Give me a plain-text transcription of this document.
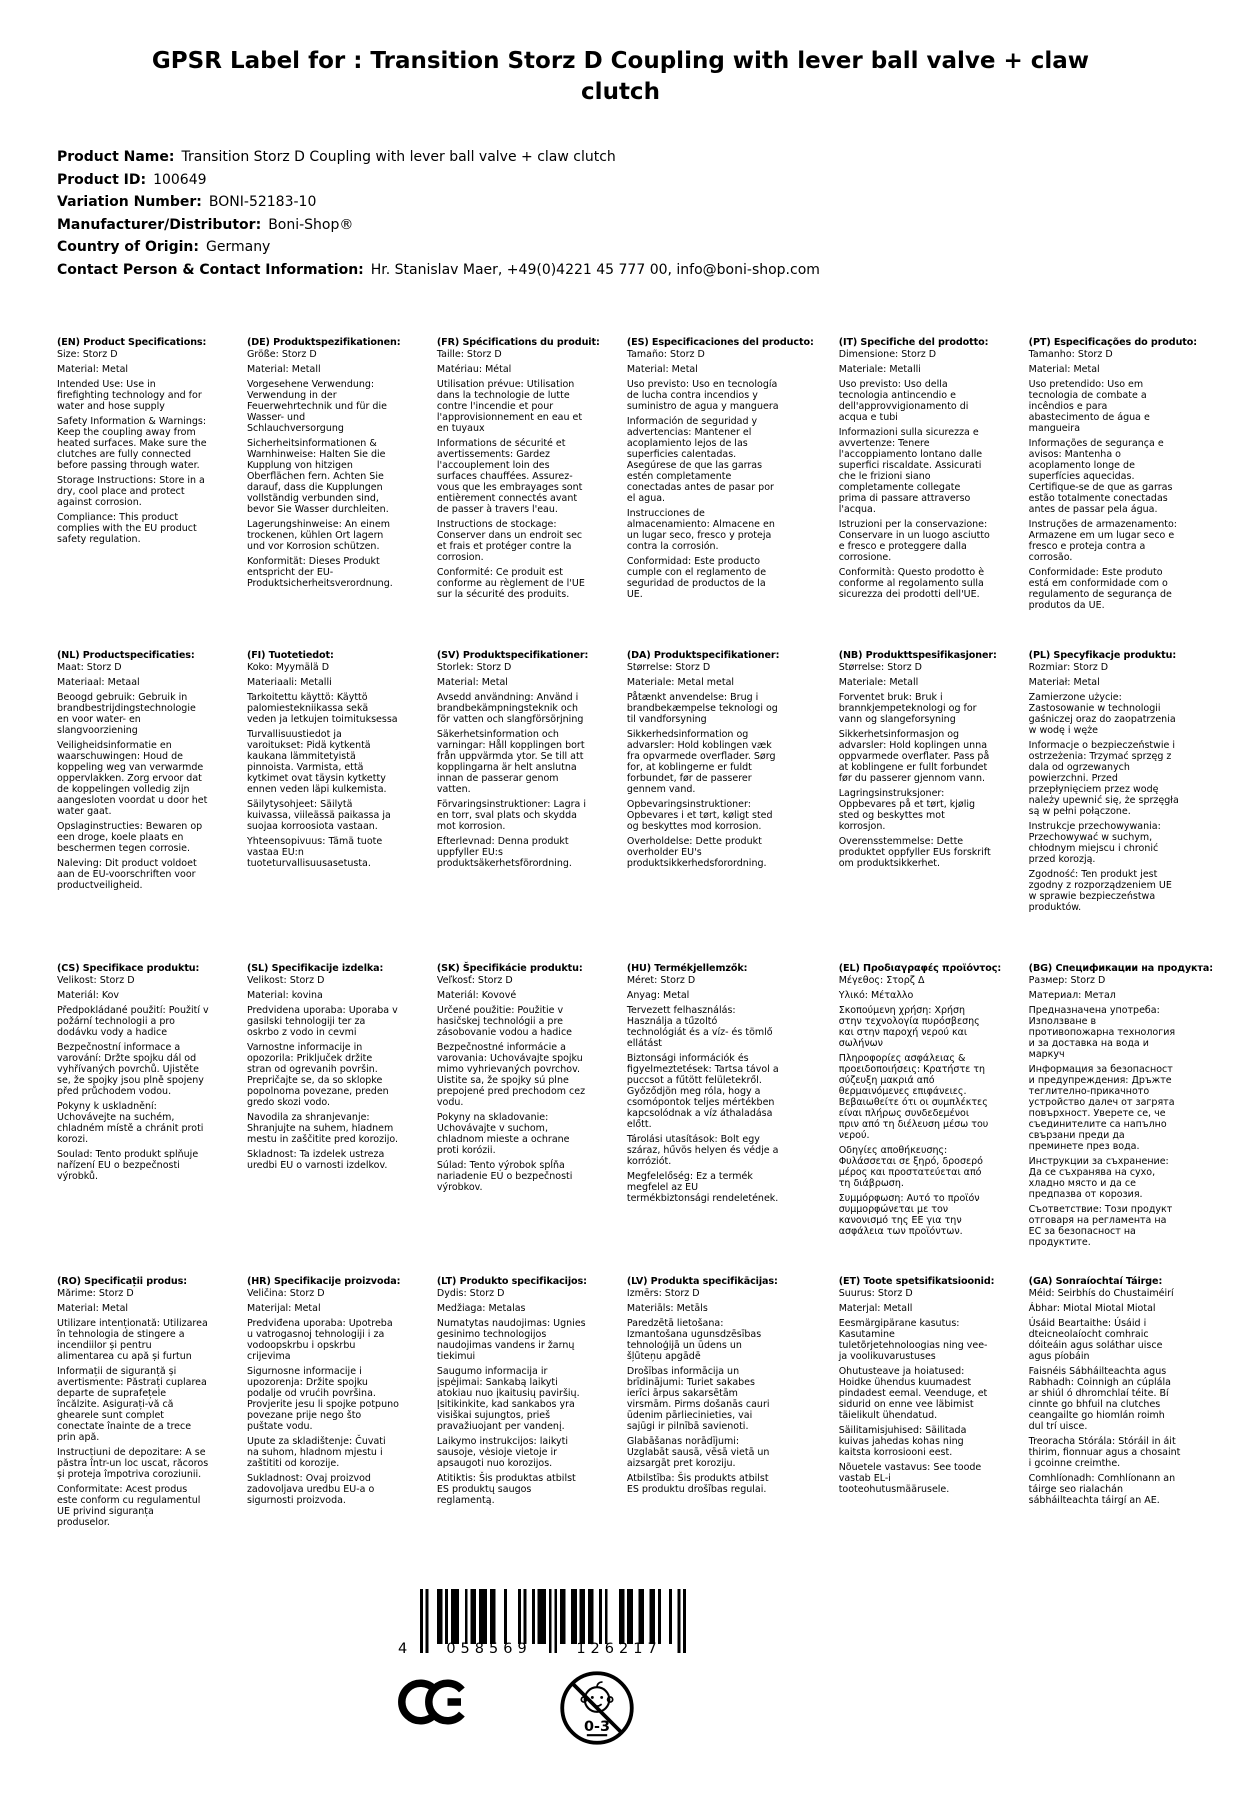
GPSR Label for : Transition Storz D Coupling with lever ball valve + claw clutch
Product Name: Transition Storz D Coupling with lever ball valve + claw clutch
Product ID: 100649
Variation Number: BONI-52183-10
Manufacturer/Distributor: Boni-Shop®
Country of Origin: Germany
Contact Person & Contact Information: Hr. Stanislav Maer, +49(0)4221 45 777 00, info@boni-shop.com
(EN) Product Specifications:

Size: Storz D

Material: Metal

Intended Use: Use in firefighting technology and for water and hose supply

Safety Information & Warnings: Keep the coupling away from heated surfaces. Make sure the clutches are fully connected before passing through water.

Storage Instructions: Store in a dry, cool place and protect against corrosion.

Compliance: This product complies with the EU product safety regulation.

(DE) Produktspezifikationen:

Größe: Storz D

Material: Metall

Vorgesehene Verwendung: Verwendung in der Feuerwehrtechnik und für die Wasser- und Schlauchversorgung

Sicherheitsinformationen & Warnhinweise: Halten Sie die Kupplung von hitzigen Oberflächen fern. Achten Sie darauf, dass die Kupplungen vollständig verbunden sind, bevor Sie Wasser durchleiten.

Lagerungshinweise: An einem trockenen, kühlen Ort lagern und vor Korrosion schützen.

Konformität: Dieses Produkt entspricht der EU-Produktsicherheitsverordnung.

(FR) Spécifications du produit:

Taille: Storz D

Matériau: Métal

Utilisation prévue: Utilisation dans la technologie de lutte contre l'incendie et pour l'approvisionnement en eau et en tuyaux

Informations de sécurité et avertissements: Gardez l'accouplement loin des surfaces chauffées. Assurez-vous que les embrayages sont entièrement connectés avant de passer à travers l'eau.

Instructions de stockage: Conserver dans un endroit sec et frais et protéger contre la corrosion.

Conformité: Ce produit est conforme au règlement de l'UE sur la sécurité des produits.

(ES) Especificaciones del producto:

Tamaño: Storz D

Material: Metal

Uso previsto: Uso en tecnología de lucha contra incendios y suministro de agua y manguera

Información de seguridad y advertencias: Mantener el acoplamiento lejos de las superficies calentadas. Asegúrese de que las garras estén completamente conectadas antes de pasar por el agua.

Instrucciones de almacenamiento: Almacene en un lugar seco, fresco y proteja contra la corrosión.

Conformidad: Este producto cumple con el reglamento de seguridad de productos de la UE.

(IT) Specifiche del prodotto:

Dimensione: Storz D

Materiale: Metalli

Uso previsto: Uso della tecnologia antincendio e dell'approvvigionamento di acqua e tubi

Informazioni sulla sicurezza e avvertenze: Tenere l'accoppiamento lontano dalle superfici riscaldate. Assicurati che le frizioni siano completamente collegate prima di passare attraverso l'acqua.

Istruzioni per la conservazione: Conservare in un luogo asciutto e fresco e proteggere dalla corrosione.

Conformità: Questo prodotto è conforme al regolamento sulla sicurezza dei prodotti dell'UE.

(PT) Especificações do produto:

Tamanho: Storz D

Material: Metal

Uso pretendido: Uso em tecnologia de combate a incêndios e para abastecimento de água e mangueira

Informações de segurança e avisos: Mantenha o acoplamento longe de superfícies aquecidas. Certifique-se de que as garras estão totalmente conectadas antes de passar pela água.

Instruções de armazenamento: Armazene em um lugar seco e fresco e proteja contra a corrosão.

Conformidade: Este produto está em conformidade com o regulamento de segurança de produtos da UE.

(NL) Productspecificaties:

Maat: Storz D

Materiaal: Metaal

Beoogd gebruik: Gebruik in brandbestrijdingstechnologie en voor water- en slangvoorziening

Veiligheidsinformatie en waarschuwingen: Houd de koppeling weg van verwarmde oppervlakken. Zorg ervoor dat de koppelingen volledig zijn aangesloten voordat u door het water gaat.

Opslaginstructies: Bewaren op een droge, koele plaats en beschermen tegen corrosie.

Naleving: Dit product voldoet aan de EU-voorschriften voor productveiligheid.

(FI) Tuotetiedot:

Koko: Myymälä D

Materiaali: Metalli

Tarkoitettu käyttö: Käyttö palomiestekniikassa sekä veden ja letkujen toimituksessa

Turvallisuustiedot ja varoitukset: Pidä kytkentä kaukana lämmitetyistä pinnoista. Varmista, että kytkimet ovat täysin kytketty ennen veden läpi kulkemista.

Säilytysohjeet: Säilytä kuivassa, viileässä paikassa ja suojaa korroosiota vastaan.

Yhteensopivuus: Tämä tuote vastaa EU:n tuoteturvallisuusasetusta.

(SV) Produktspecifikationer:

Storlek: Storz D

Material: Metal

Avsedd användning: Använd i brandbekämpningsteknik och för vatten och slangförsörjning

Säkerhetsinformation och varningar: Håll kopplingen bort från uppvärmda ytor. Se till att kopplingarna är helt anslutna innan de passerar genom vatten.

Förvaringsinstruktioner: Lagra i en torr, sval plats och skydda mot korrosion.

Efterlevnad: Denna produkt uppfyller EU:s produktsäkerhetsförordning.

(DA) Produktspecifikationer:

Størrelse: Storz D

Materiale: Metal metal

Påtænkt anvendelse: Brug i brandbekæmpelse teknologi og til vandforsyning

Sikkerhedsinformation og advarsler: Hold koblingen væk fra opvarmede overflader. Sørg for, at koblingerne er fuldt forbundet, før de passerer gennem vand.

Opbevaringsinstruktioner: Opbevares i et tørt, køligt sted og beskyttes mod korrosion.

Overholdelse: Dette produkt overholder EU's produktsikkerhedsforordning.

(NB) Produkttspesifikasjoner:

Størrelse: Storz D

Materiale: Metall

Forventet bruk: Bruk i brannkjempeteknologi og for vann og slangeforsyning

Sikkerhetsinformasjon og advarsler: Hold koplingen unna oppvarmede overflater. Pass på at koblingene er fullt forbundet før du passerer gjennom vann.

Lagringsinstruksjoner: Oppbevares på et tørt, kjølig sted og beskyttes mot korrosjon.

Overensstemmelse: Dette produktet oppfyller EUs forskrift om produktsikkerhet.

(PL) Specyfikacje produktu:

Rozmiar: Storz D

Materiał: Metal

Zamierzone użycie: Zastosowanie w technologii gaśniczej oraz do zaopatrzenia w wodę i węże

Informacje o bezpieczeństwie i ostrzeżenia: Trzymać sprzęg z dala od ogrzewanych powierzchni. Przed przepłynięciem przez wodę należy upewnić się, że sprzęgła są w pełni połączone.

Instrukcje przechowywania: Przechowywać w suchym, chłodnym miejscu i chronić przed korozją.

Zgodność: Ten produkt jest zgodny z rozporządzeniem UE w sprawie bezpieczeństwa produktów.

(CS) Specifikace produktu:

Velikost: Storz D

Materiál: Kov

Předpokládané použití: Použití v požární technologii a pro dodávku vody a hadice

Bezpečnostní informace a varování: Držte spojku dál od vyhřívaných povrchů. Ujistěte se, že spojky jsou plně spojeny před průchodem vodou.

Pokyny k uskladnění: Uchovávejte na suchém, chladném místě a chránit proti korozi.

Soulad: Tento produkt splňuje nařízení EU o bezpečnosti výrobků.

(SL) Specifikacije izdelka:

Velikost: Storz D

Material: kovina

Predvidena uporaba: Uporaba v gasilski tehnologiji ter za oskrbo z vodo in cevmi

Varnostne informacije in opozorila: Priključek držite stran od ogrevanih površin. Prepričajte se, da so sklopke popolnoma povezane, preden gredo skozi vodo.

Navodila za shranjevanje: Shranjujte na suhem, hladnem mestu in zaščitite pred korozijo.

Skladnost: Ta izdelek ustreza uredbi EU o varnosti izdelkov.

(SK) Špecifikácie produktu:

Veľkosť: Storz D

Materiál: Kovové

Určené použitie: Použitie v hasičskej technológii a pre zásobovanie vodou a hadice

Bezpečnostné informácie a varovania: Uchovávajte spojku mimo vyhrievaných povrchov. Uistite sa, že spojky sú plne prepojené pred prechodom cez vodu.

Pokyny na skladovanie: Uchovávajte v suchom, chladnom mieste a ochrane proti korózii.

Súlad: Tento výrobok spĺňa nariadenie EÚ o bezpečnosti výrobkov.

(HU) Termékjellemzők:

Méret: Storz D

Anyag: Metal

Tervezett felhasználás: Használja a tűzoltó technológiát és a víz- és tömlő ellátást

Biztonsági információk és figyelmeztetések: Tartsa távol a puccsot a fűtött felületekről. Győződjön meg róla, hogy a csomópontok teljes mértékben kapcsolódnak a víz áthaladása előtt.

Tárolási utasítások: Bolt egy száraz, hűvös helyen és védje a korróziót.

Megfelelőség: Ez a termék megfelel az EU termékbiztonsági rendeletének.

(EL) Προδιαγραφές προϊόντος:

Μέγεθος: Στορζ Δ

Υλικό: Μέταλλο

Σκοπούμενη χρήση: Χρήση στην τεχνολογία πυρόσβεσης και στην παροχή νερού και σωλήνων

Πληροφορίες ασφάλειας & προειδοποιήσεις: Κρατήστε τη σύζευξη μακριά από θερμαινόμενες επιφάνειες. Βεβαιωθείτε ότι οι συμπλέκτες είναι πλήρως συνδεδεμένοι πριν από τη διέλευση μέσω του νερού.

Οδηγίες αποθήκευσης: Φυλάσσεται σε ξηρό, δροσερό μέρος και προστατεύεται από τη διάβρωση.

Συμμόρφωση: Αυτό το προϊόν συμμορφώνεται με τον κανονισμό της ΕΕ για την ασφάλεια των προϊόντων.

(BG) Спецификации на продукта:

Размер: Storz D

Материал: Метал

Предназначена употреба: Използване в противопожарна технология и за доставка на вода и маркуч

Информация за безопасност и предупреждения: Дръжте теглително-прикачното устройство далеч от загрята повърхност. Уверете се, че съединителите са напълно свързани преди да преминете през вода.

Инструкции за съхранение: Да се съхранява на сухо, хладно място и да се предпазва от корозия.

Съответствие: Този продукт отговаря на регламента на ЕС за безопасност на продуктите.

(RO) Specificații produs:

Mărime: Storz D

Material: Metal

Utilizare intenționată: Utilizarea în tehnologia de stingere a incendiilor și pentru alimentarea cu apă și furtun

Informații de siguranță și avertismente: Păstrați cuplarea departe de suprafețele încălzite. Asigurați-vă că ghearele sunt complet conectate înainte de a trece prin apă.

Instrucțiuni de depozitare: A se păstra într-un loc uscat, răcoros și proteja împotriva coroziunii.

Conformitate: Acest produs este conform cu regulamentul UE privind siguranța produselor.

(HR) Specifikacije proizvoda:

Veličina: Storz D

Materijal: Metal

Predviđena uporaba: Upotreba u vatrogasnoj tehnologiji i za vodoopskrbu i opskrbu crijevima

Sigurnosne informacije i upozorenja: Držite spojku podalje od vrućih površina. Provjerite jesu li spojke potpuno povezane prije nego što puštate vodu.

Upute za skladištenje: Čuvati na suhom, hladnom mjestu i zaštititi od korozije.

Sukladnost: Ovaj proizvod zadovoljava uredbu EU-a o sigurnosti proizvoda.

(LT) Produkto specifikacijos:

Dydis: Storz D

Medžiaga: Metalas

Numatytas naudojimas: Ugnies gesinimo technologijos naudojimas vandens ir žarnų tiekimui

Saugumo informacija ir įspėjimai: Sankabą laikyti atokiau nuo įkaitusių paviršių. Įsitikinkite, kad sankabos yra visiškai sujungtos, prieš pravažiuojant per vandenį.

Laikymo instrukcijos: laikyti sausoje, vėsioje vietoje ir apsaugoti nuo korozijos.

Atitiktis: Šis produktas atbilst ES produktų saugos reglamentą.

(LV) Produkta specifikācijas:

Izmērs: Storz D

Materiāls: Metāls

Paredzētā lietošana: Izmantošana ugunsdzēsības tehnoloģijā un ūdens un šļūteņu apgādē

Drošības informācija un brīdinājumi: Turiet sakabes ierīci ārpus sakarsētām virsmām. Pirms došanās cauri ūdenim pārliecinieties, vai sajūgi ir pilnībā savienoti.

Glabāšanas norādījumi: Uzglabāt sausā, vēsā vietā un aizsargāt pret koroziju.

Atbilstība: Šis produkts atbilst ES produktu drošības regulai.

(ET) Toote spetsifikatsioonid:

Suurus: Storz D

Materjal: Metall

Eesmärgipärane kasutus: Kasutamine tuletõrjetehnoloogias ning vee- ja voolikuvarustuses

Ohutusteave ja hoiatused: Hoidke ühendus kuumadest pindadest eemal. Veenduge, et sidurid on enne vee läbimist täielikult ühendatud.

Säilitamisjuhised: Säilitada kuivas jahedas kohas ning kaitsta korrosiooni eest.

Nõuetele vastavus: See toode vastab EL-i tooteohutusmäärusele.

(GA) Sonraíochtaí Táirge:

Méid: Seirbhís do Chustaiméirí

Ábhar: Miotal Miotal Miotal

Úsáid Beartaithe: Úsáid i dteicneolaíocht comhraic dóiteáin agus soláthar uisce agus píobáin

Faisnéis Sábháilteachta agus Rabhadh: Coinnigh an cúplála ar shiúl ó dhromchlaí téite. Bí cinnte go bhfuil na clutches ceangailte go hiomlán roimh dul trí uisce.

Treoracha Stórála: Stóráil in áit thirim, fionnuar agus a chosaint i gcoinne creimthe.

Comhlíonadh: Comhlíonann an táirge seo rialachán sábháilteachta táirgí an AE.

4	058569	126217
0-3
